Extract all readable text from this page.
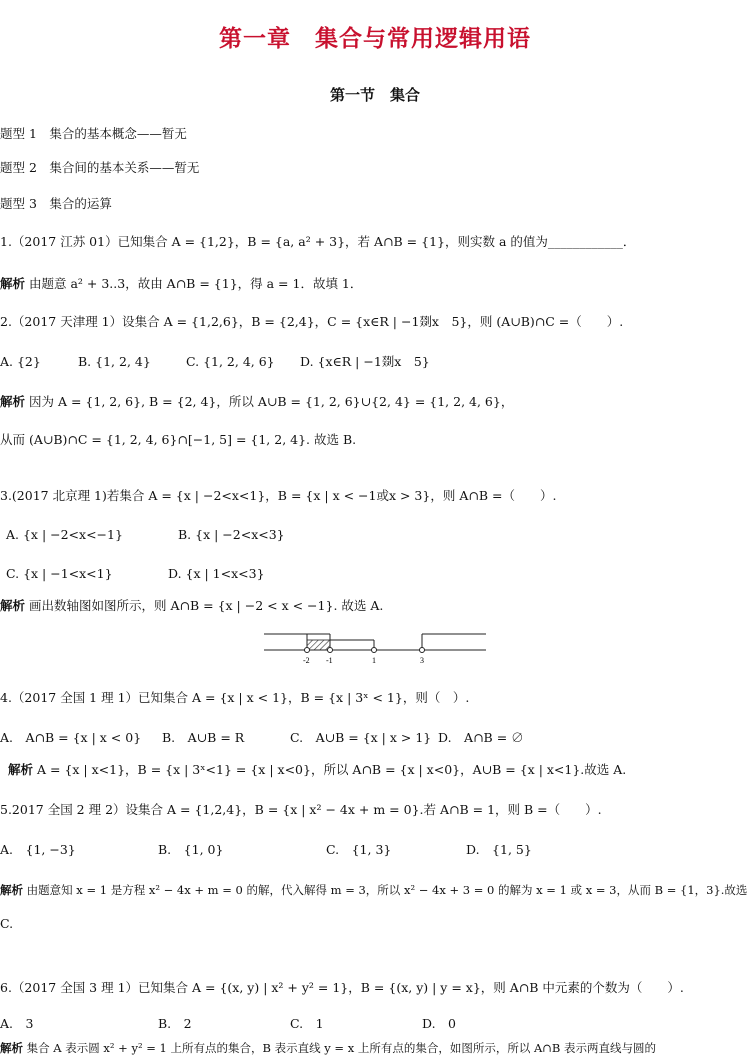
第一章　集合与常用逻辑用语
第一节　集合
题型 1　集合的基本概念——暂无
题型 2　集合间的基本关系——暂无
题型 3　集合的运算
1.（2017 江苏 01）已知集合 A = {1,2}，B = {a, a² + 3}，若 A∩B = {1}，则实数 a 的值为____________．
解析 由题意 a² + 3..3，故由 A∩B = {1}，得 a = 1．故填 1．
2.（2017 天津理 1）设集合 A = {1,2,6}，B = {2,4}，C = {x∈R | −1剟x　5}，则 (A∪B)∩C =（　　）.
A. {2}	B. {1, 2, 4}	C. {1, 2, 4, 6} D. {x∈R | −1剟x　5}
解析 因为 A = {1, 2, 6}, B = {2, 4}，所以 A∪B = {1, 2, 6}∪{2, 4} = {1, 2, 4, 6}，
从而 (A∪B)∩C = {1, 2, 4, 6}∩[−1, 5] = {1, 2, 4}. 故选 B.
3.(2017 北京理 1)若集合 A = {x | −2<x<1}，B = {x | x < −1或x > 3}，则 A∩B =（　　）.
A. {x | −2<x<−1}	B. {x | −2<x<3}
C. {x | −1<x<1}	D. {x | 1<x<3}
解析 画出数轴图如图所示，则 A∩B = {x | −2 < x < −1}. 故选 A.
-2 -1	1	3
4.（2017 全国 1 理 1）已知集合 A = {x | x < 1}，B = {x | 3ˣ < 1}，则（　）.
A.　A∩B = {x | x < 0} B.　A∪B = R	C.　A∪B = {x | x > 1} D.　A∩B = ∅
解析 A = {x | x<1}，B = {x | 3ˣ<1} = {x | x<0}，所以 A∩B = {x | x<0}，A∪B = {x | x<1}.故选 A.
5.2017 全国 2 理 2）设集合 A = {1,2,4}，B = {x | x² − 4x + m = 0}.若 A∩B = 1，则 B =（　　）.
A.　{1, −3}	B.　{1, 0}	C.　{1, 3}	D.　{1, 5}
解析 由题意知 x = 1 是方程 x² − 4x + m = 0 的解，代入解得 m = 3，所以 x² − 4x + 3 = 0 的解为 x = 1 或 x = 3，从而 B = {1，3}.故选
C.
6.（2017 全国 3 理 1）已知集合 A = {(x, y) | x² + y² = 1}，B = {(x, y) | y = x}，则 A∩B 中元素的个数为（　　）.
A.　3	B.　2	C.　1	D.　0
解析 集合 A 表示圆 x² + y² = 1 上所有点的集合，B 表示直线 y = x 上所有点的集合，如图所示，所以 A∩B 表示两直线与圆的
